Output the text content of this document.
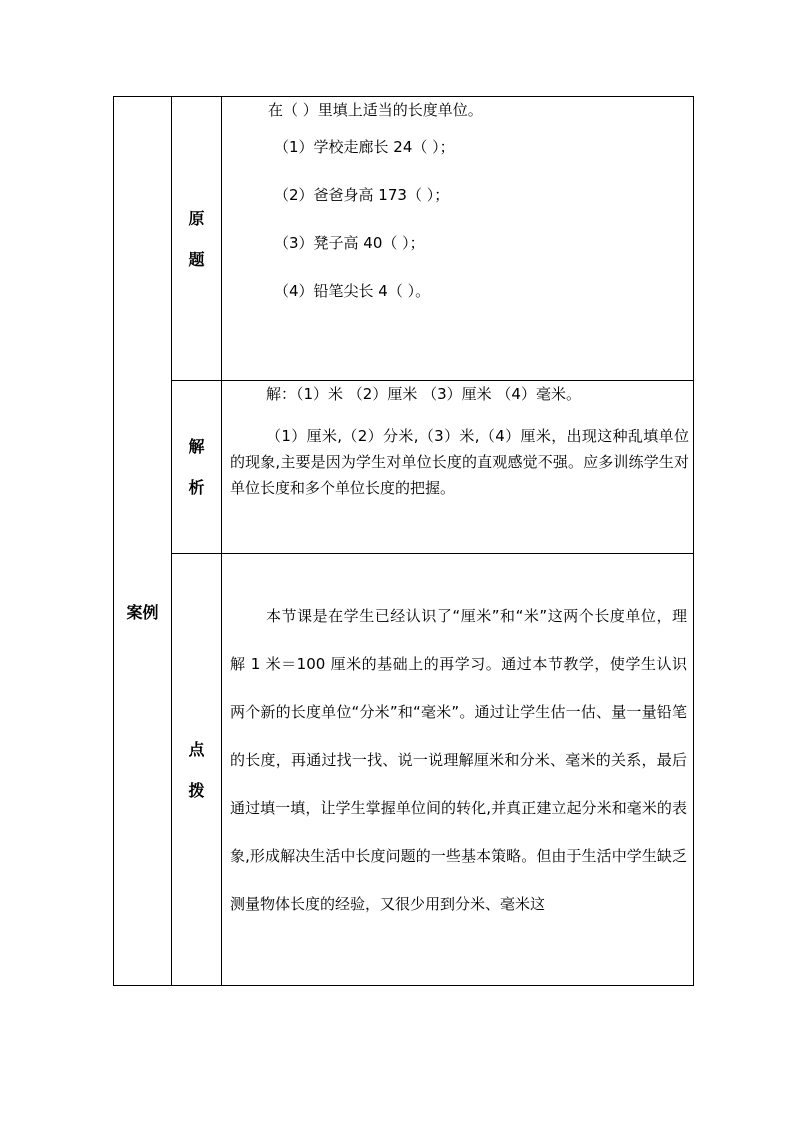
案例	原题	在（ ）里填上适当的长度单位。

（1）学校走廊长 24（ ）；

（2）爸爸身高 173（ ）；

（3）凳子高 40（ ）；

（4）铅笔尖长 4（ ）。

	解析	解：（1）米 （2）厘米 （3）厘米 （4）毫米。

（1）厘米,（2）分米,（3）米,（4）厘米，出现这种乱填单位的现象,主要是因为学生对单位长度的直观感觉不强。应多训练学生对单位长度和多个单位长度的把握。

	点拨	本节课是在学生已经认识了“厘米”和“米”这两个长度单位，理解 1 米＝100 厘米的基础上的再学习。通过本节教学，使学生认识两个新的长度单位“分米”和“毫米”。通过让学生估一估、量一量铅笔的长度，再通过找一找、说一说理解厘米和分米、毫米的关系，最后通过填一填，让学生掌握单位间的转化,并真正建立起分米和毫米的表象,形成解决生活中长度问题的一些基本策略。但由于生活中学生缺乏测量物体长度的经验，又很少用到分米、毫米这
